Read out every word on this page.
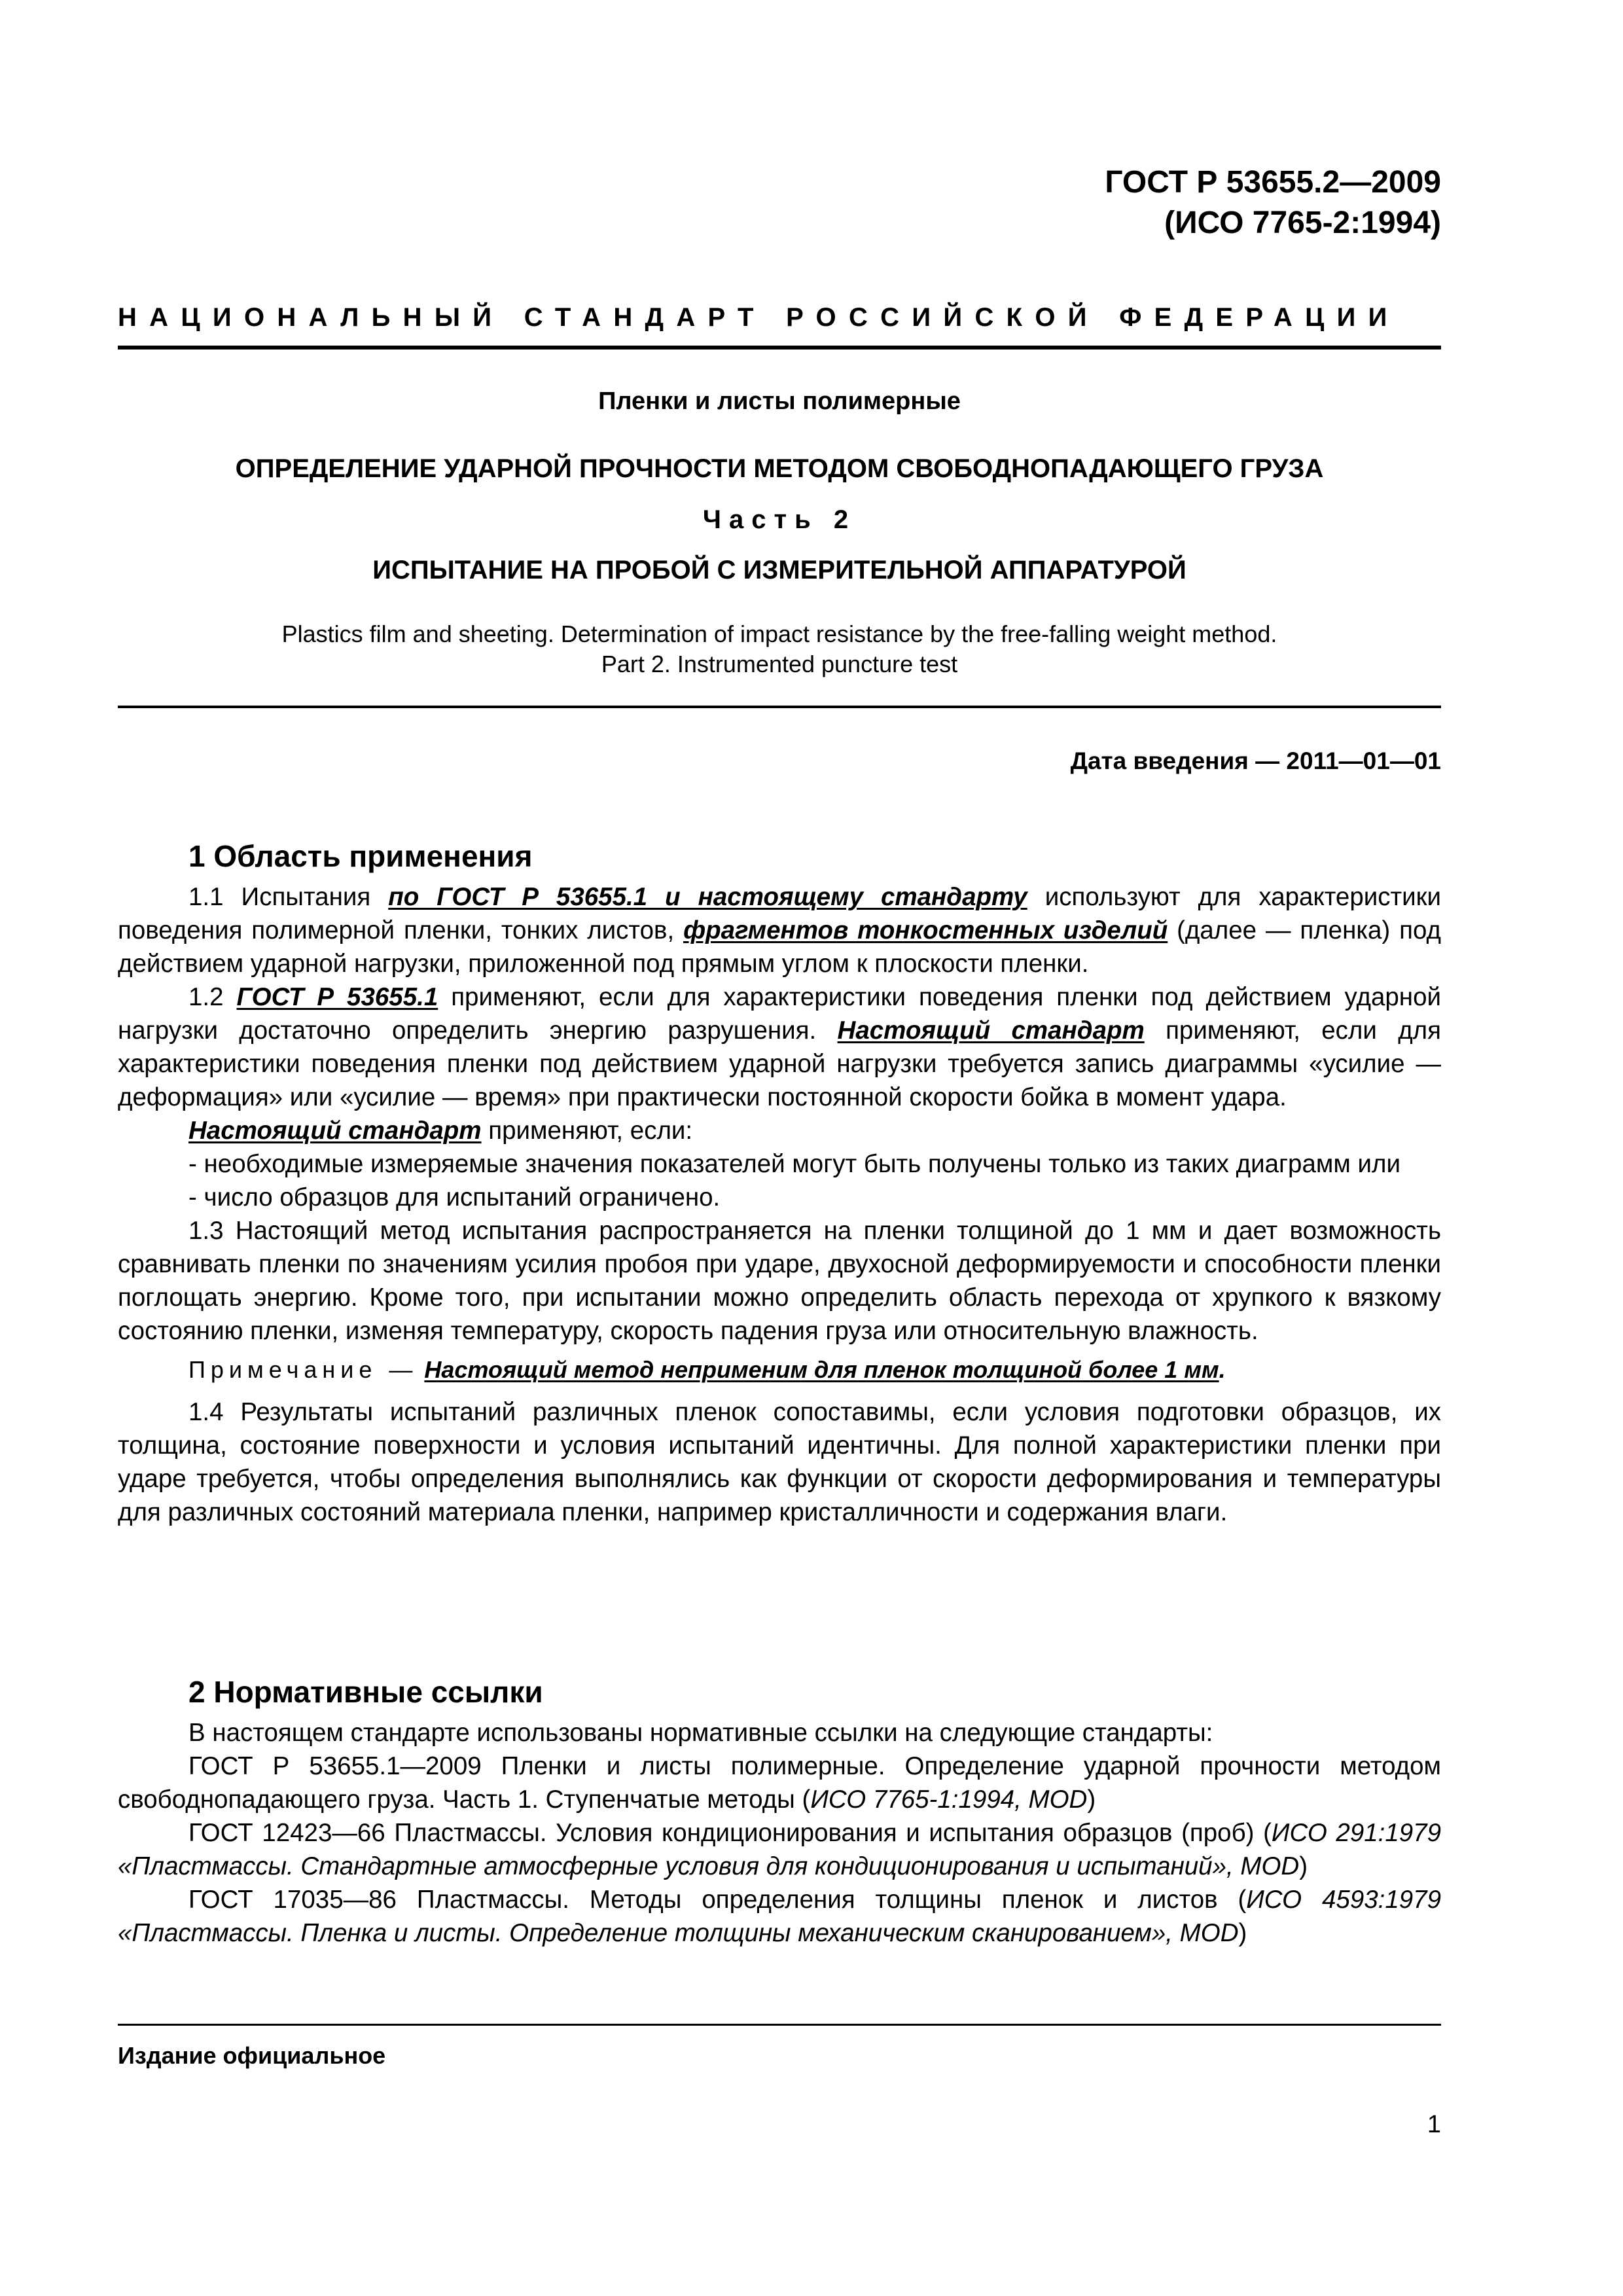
ГОСТ Р 53655.2—2009
(ИСО 7765-2:1994)
НАЦИОНАЛЬНЫЙ СТАНДАРТ РОССИЙСКОЙ ФЕДЕРАЦИИ
Пленки и листы полимерные
ОПРЕДЕЛЕНИЕ УДАРНОЙ ПРОЧНОСТИ МЕТОДОМ СВОБОДНОПАДАЮЩЕГО ГРУЗА
Часть 2
ИСПЫТАНИЕ НА ПРОБОЙ С ИЗМЕРИТЕЛЬНОЙ АППАРАТУРОЙ
Plastics film and sheeting. Determination of impact resistance by the free-falling weight method.
Part 2. Instrumented puncture test
Дата введения — 2011—01—01
1 Область применения
1.1 Испытания по ГОСТ Р 53655.1 и настоящему стандарту используют для характеристики поведения полимерной пленки, тонких листов, фрагментов тонкостенных изделий (далее — пленка) под действием ударной нагрузки, приложенной под прямым углом к плоскости пленки.
1.2 ГОСТ Р 53655.1 применяют, если для характеристики поведения пленки под действием ударной нагрузки достаточно определить энергию разрушения. Настоящий стандарт применяют, если для характеристики поведения пленки под действием ударной нагрузки требуется запись диаграммы «усилие — деформация» или «усилие — время» при практически постоянной скорости бойка в момент удара.
Настоящий стандарт применяют, если:
- необходимые измеряемые значения показателей могут быть получены только из таких диаграмм или
- число образцов для испытаний ограничено.
1.3 Настоящий метод испытания распространяется на пленки толщиной до 1 мм и дает возможность сравнивать пленки по значениям усилия пробоя при ударе, двухосной деформируемости и способности пленки поглощать энергию. Кроме того, при испытании можно определить область перехода от хрупкого к вязкому состоянию пленки, изменяя температуру, скорость падения груза или относительную влажность.
Примечание — Настоящий метод неприменим для пленок толщиной более 1 мм.
1.4 Результаты испытаний различных пленок сопоставимы, если условия подготовки образцов, их толщина, состояние поверхности и условия испытаний идентичны. Для полной характеристики пленки при ударе требуется, чтобы определения выполнялись как функции от скорости деформирования и температуры для различных состояний материала пленки, например кристалличности и содержания влаги.
2 Нормативные ссылки
В настоящем стандарте использованы нормативные ссылки на следующие стандарты:
ГОСТ Р 53655.1—2009 Пленки и листы полимерные. Определение ударной прочности методом свободнопадающего груза. Часть 1. Ступенчатые методы (ИСО 7765-1:1994, MOD)
ГОСТ 12423—66 Пластмассы. Условия кондиционирования и испытания образцов (проб) (ИСО 291:1979 «Пластмассы. Стандартные атмосферные условия для кондиционирования и испытаний», MOD)
ГОСТ 17035—86 Пластмассы. Методы определения толщины пленок и листов (ИСО 4593:1979 «Пластмассы. Пленка и листы. Определение толщины механическим сканированием», MOD)
Издание официальное
1
